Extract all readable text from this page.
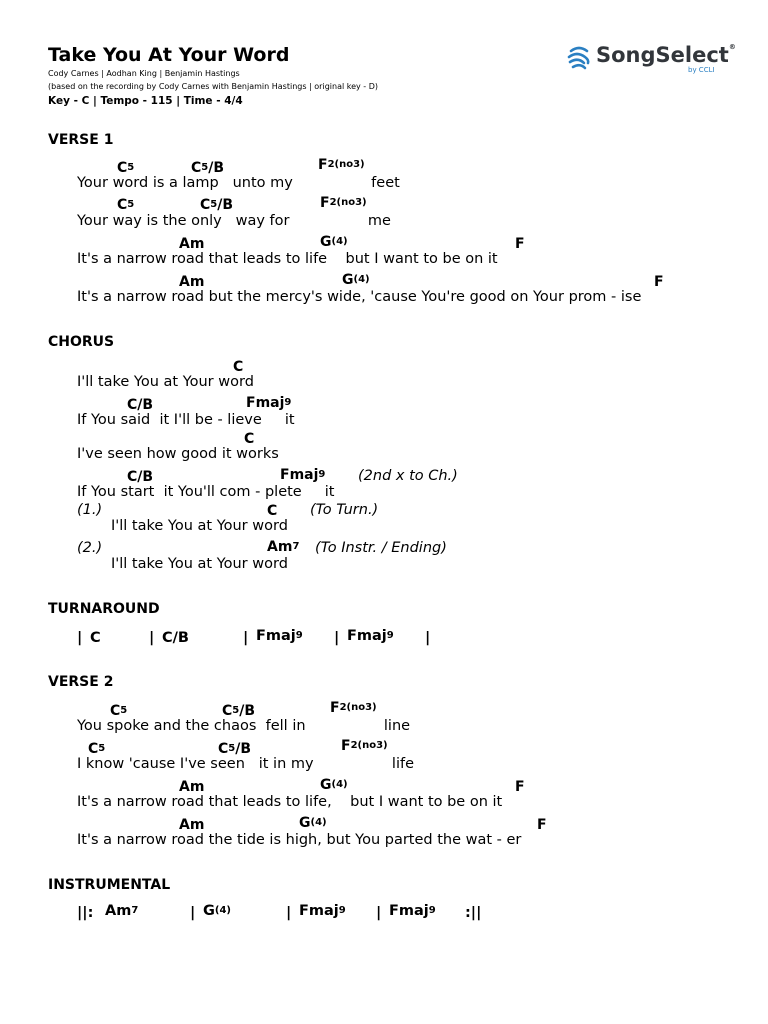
Take You At Your Word
Cody Carnes | Aodhan King | Benjamin Hastings
(based on the recording by Cody Carnes with Benjamin Hastings | original key - D)
Key - C | Tempo - 115 | Time - 4/4

SongSelect®

by CCLI

VERSE 1
$C^5$	$C^5/B$	$F^{2(no3)}$
Your word is a lamp   unto my                 feet
$C^5$	$C^5/B$	$F^{2(no3)}$
Your way is the only   way for                 me
Am	$G^{(4)}$	F
It's a narrow road that leads to life    but I want to be on it
Am	$G^{(4)}$	F
It's a narrow road but the mercy's wide, 'cause You're good on Your prom - ise
CHORUS
C
I'll take You at Your word
C/B	Fmaj$^9$
If You said  it I'll be - lieve     it
C
I've seen how good it works
C/B	Fmaj$^9$ (2nd x to Ch.)
If You start  it You'll com - plete     it
(1.)	C (To Turn.)
I'll take You at Your word
(2.)	Am$^7$ (To Instr. / Ending)
I'll take You at Your word
TURNAROUND
| C	| C/B	| Fmaj$^9$ | Fmaj$^9$ |
VERSE 2
$C^5$	$C^5/B$	$F^{2(no3)}$
You spoke and the chaos  fell in                 line
$C^5$	$C^5/B$	$F^{2(no3)}$
I know 'cause I've seen   it in my                 life
Am	$G^{(4)}$	F
It's a narrow road that leads to life,    but I want to be on it
Am	$G^{(4)}$	F
It's a narrow road the tide is high, but You parted the wat - er
INSTRUMENTAL
||: Am$^7$	| $G^{(4)}$	| Fmaj$^9$ | Fmaj$^9$ :||
